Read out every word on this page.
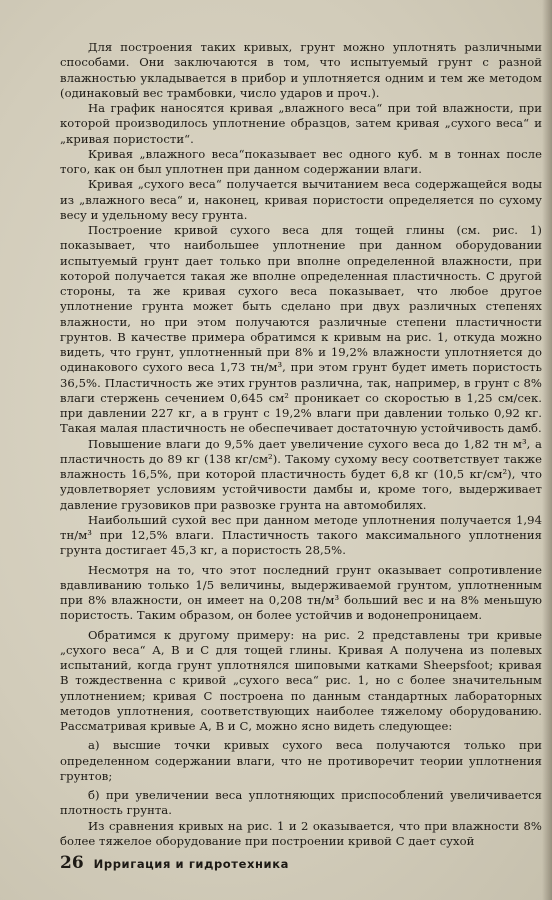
Для построения таких кривых, грунт можно уплотнять различными способами. Они заключаются в том, что испытуемый грунт с разной влажностью укладывается в прибор и уплотняется одним и тем же методом (одинаковый вес трамбовки, число ударов и проч.).

На график наносятся кривая „влажного веса“ при той влажности, при которой производилось уплотнение образцов, затем кривая „сухого веса“ и „кривая пористости“.

Кривая „влажного веса“показывает вес одного куб. м в тоннах после того, как он был уплотнен при данном содержании влаги.

Кривая „сухого веса“ получается вычитанием веса содержащейся воды из „влажного веса“ и, наконец, кривая пористости определяется по сухому весу и удельному весу грунта.

Построение кривой сухого веса для тощей глины (см. рис. 1) показывает, что наибольшее уплотнение при данном оборудовании испытуемый грунт дает только при вполне определенной влажности, при которой получается такая же вполне определенная пластичность. С другой стороны, та же кривая сухого веса показывает, что любое другое уплотнение грунта может быть сделано при двух различных степенях влажности, но при этом получаются различные степени пластичности грунтов. В качестве примера обратимся к кривым на рис. 1, откуда можно видеть, что грунт, уплотненный при 8% и 19,2% влажности уплотняется до одинакового сухого веса 1,73 тн/м³, при этом грунт будет иметь пористость 36,5%. Пластичность же этих грунтов различна, так, например, в грунт с 8% влаги стержень сечением 0,645 см² проникает со скоростью в 1,25 см/сек. при давлении 227 кг, а в грунт с 19,2% влаги при давлении только 0,92 кг. Такая малая пластичность не обеспечивает достаточную устойчивость дамб.

Повышение влаги до 9,5% дает увеличение сухого веса до 1,82 тн м³, а пластичность до 89 кг (138 кг/см²). Такому сухому весу соответствует также влажность 16,5%, при которой пластичность будет 6,8 кг (10,5 кг/см²), что удовлетворяет условиям устойчивости дамбы и, кроме того, выдерживает давление грузовиков при развозке грунта на автомобилях.

Наибольший сухой вес при данном методе уплотнения получается 1,94 тн/м³ при 12,5% влаги. Пластичность такого максимального уплотнения грунта достигает 45,3 кг, а пористость 28,5%.

Несмотря на то, что этот последний грунт оказывает сопротивление вдавливанию только 1/5 величины, выдерживаемой грунтом, уплотненным при 8% влажности, он имеет на 0,208 тн/м³ больший вес и на 8% меньшую пористость. Таким образом, он более устойчив и водонепроницаем.

Обратимся к другому примеру: на рис. 2 представлены три кривые „сухого веса“ А, В и С для тощей глины. Кривая А получена из полевых испытаний, когда грунт уплотнялся шиповыми катками Sheepsfoot; кривая В тождественна с кривой „сухого веса“ рис. 1, но с более значительным уплотнением; кривая С построена по данным стандартных лабораторных методов уплотнения, соответствующих наиболее тяжелому оборудованию. Рассматривая кривые А, В и С, можно ясно видеть следующее:

а) высшие точки кривых сухого веса получаются только при определенном содержании влаги, что не противоречит теории уплотнения грунтов;

б) при увеличении веса уплотняющих приспособлений увеличивается плотность грунта.

Из сравнения кривых на рис. 1 и 2 оказывается, что при влажности 8% более тяжелое оборудование при построении кривой С дает сухой

26 Ирригация и гидротехника
